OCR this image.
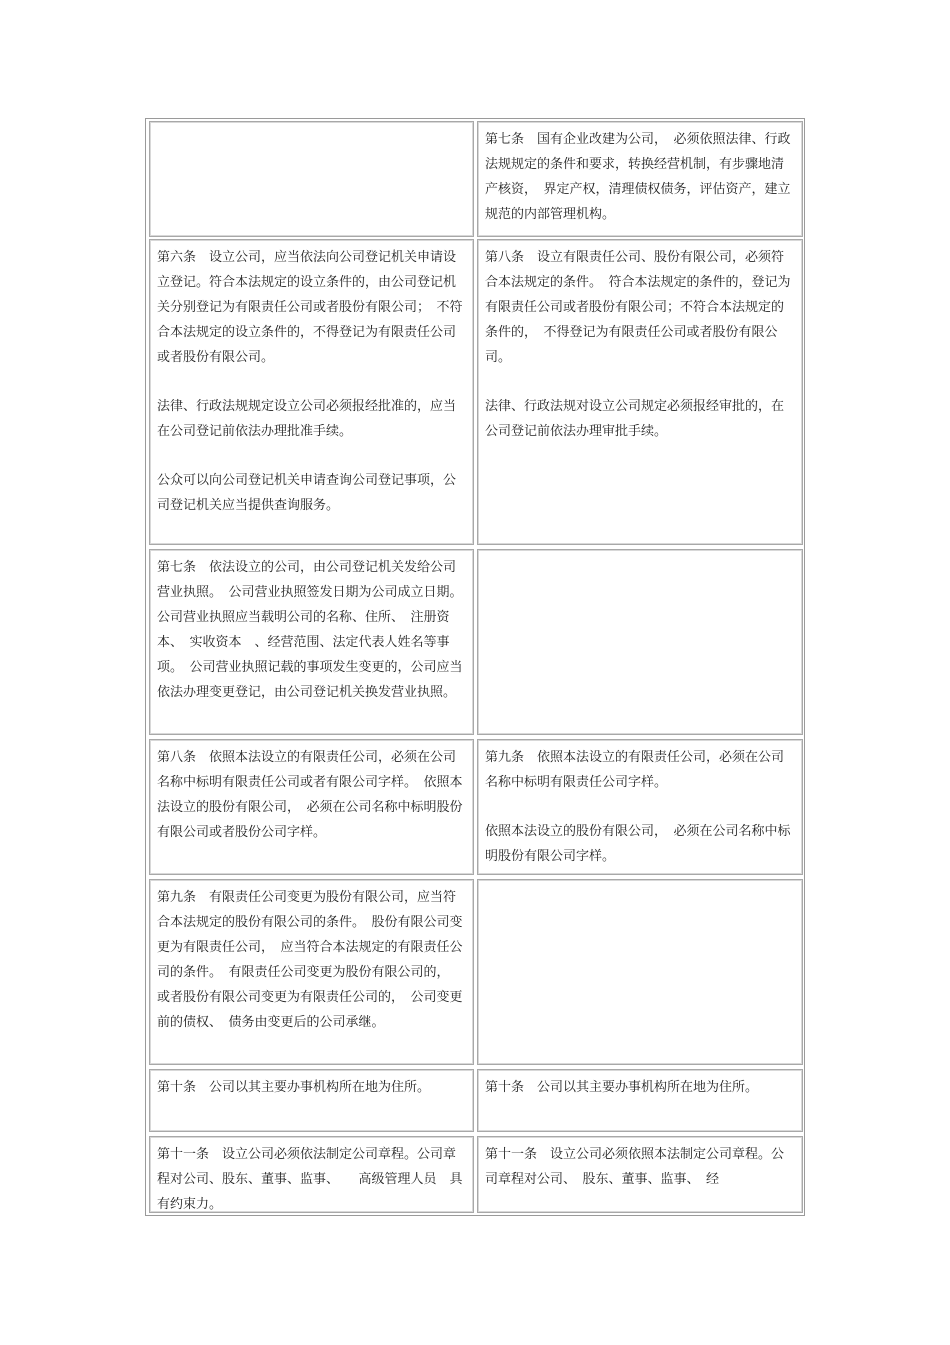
第七条　国有企业改建为公司，　必须依照法律、行政法规规定的条件和要求，转换经营机制，有步骤地清产核资，　界定产权，清理债权债务，评估资产，建立规范的内部管理机构。

第六条　设立公司，应当依法向公司登记机关申请设立登记。符合本法规定的设立条件的，由公司登记机关分别登记为有限责任公司或者股份有限公司；　不符合本法规定的设立条件的，不得登记为有限责任公司或者股份有限公司。

法律、行政法规规定设立公司必须报经批准的，应当在公司登记前依法办理批准手续。

公众可以向公司登记机关申请查询公司登记事项，公司登记机关应当提供查询服务。

第八条　设立有限责任公司、股份有限公司，必须符合本法规定的条件。　符合本法规定的条件的，登记为有限责任公司或者股份有限公司；不符合本法规定的条件的，　不得登记为有限责任公司或者股份有限公司。

法律、行政法规对设立公司规定必须报经审批的，在公司登记前依法办理审批手续。

第七条　依法设立的公司，由公司登记机关发给公司营业执照。　公司营业执照签发日期为公司成立日期。　公司营业执照应当载明公司的名称、住所、　注册资本、　实收资本　、经营范围、法定代表人姓名等事项。　公司营业执照记载的事项发生变更的，公司应当依法办理变更登记，由公司登记机关换发营业执照。

第八条　依照本法设立的有限责任公司，必须在公司名称中标明有限责任公司或者有限公司字样。　依照本法设立的股份有限公司，　必须在公司名称中标明股份有限公司或者股份公司字样。

第九条　依照本法设立的有限责任公司，必须在公司名称中标明有限责任公司字样。

依照本法设立的股份有限公司，　必须在公司名称中标明股份有限公司字样。

第九条　有限责任公司变更为股份有限公司，应当符合本法规定的股份有限公司的条件。　股份有限公司变更为有限责任公司，　应当符合本法规定的有限责任公司的条件。　有限责任公司变更为股份有限公司的，　或者股份有限公司变更为有限责任公司的，　公司变更前的债权、　债务由变更后的公司承继。

第十条　公司以其主要办事机构所在地为住所。	第十条　公司以其主要办事机构所在地为住所。

第十一条　设立公司必须依法制定公司章程。公司章程对公司、股东、董事、监事、　　高级管理人员　具有约束力。

第十一条　设立公司必须依照本法制定公司章程。公司章程对公司、　股东、董事、监事、　经
